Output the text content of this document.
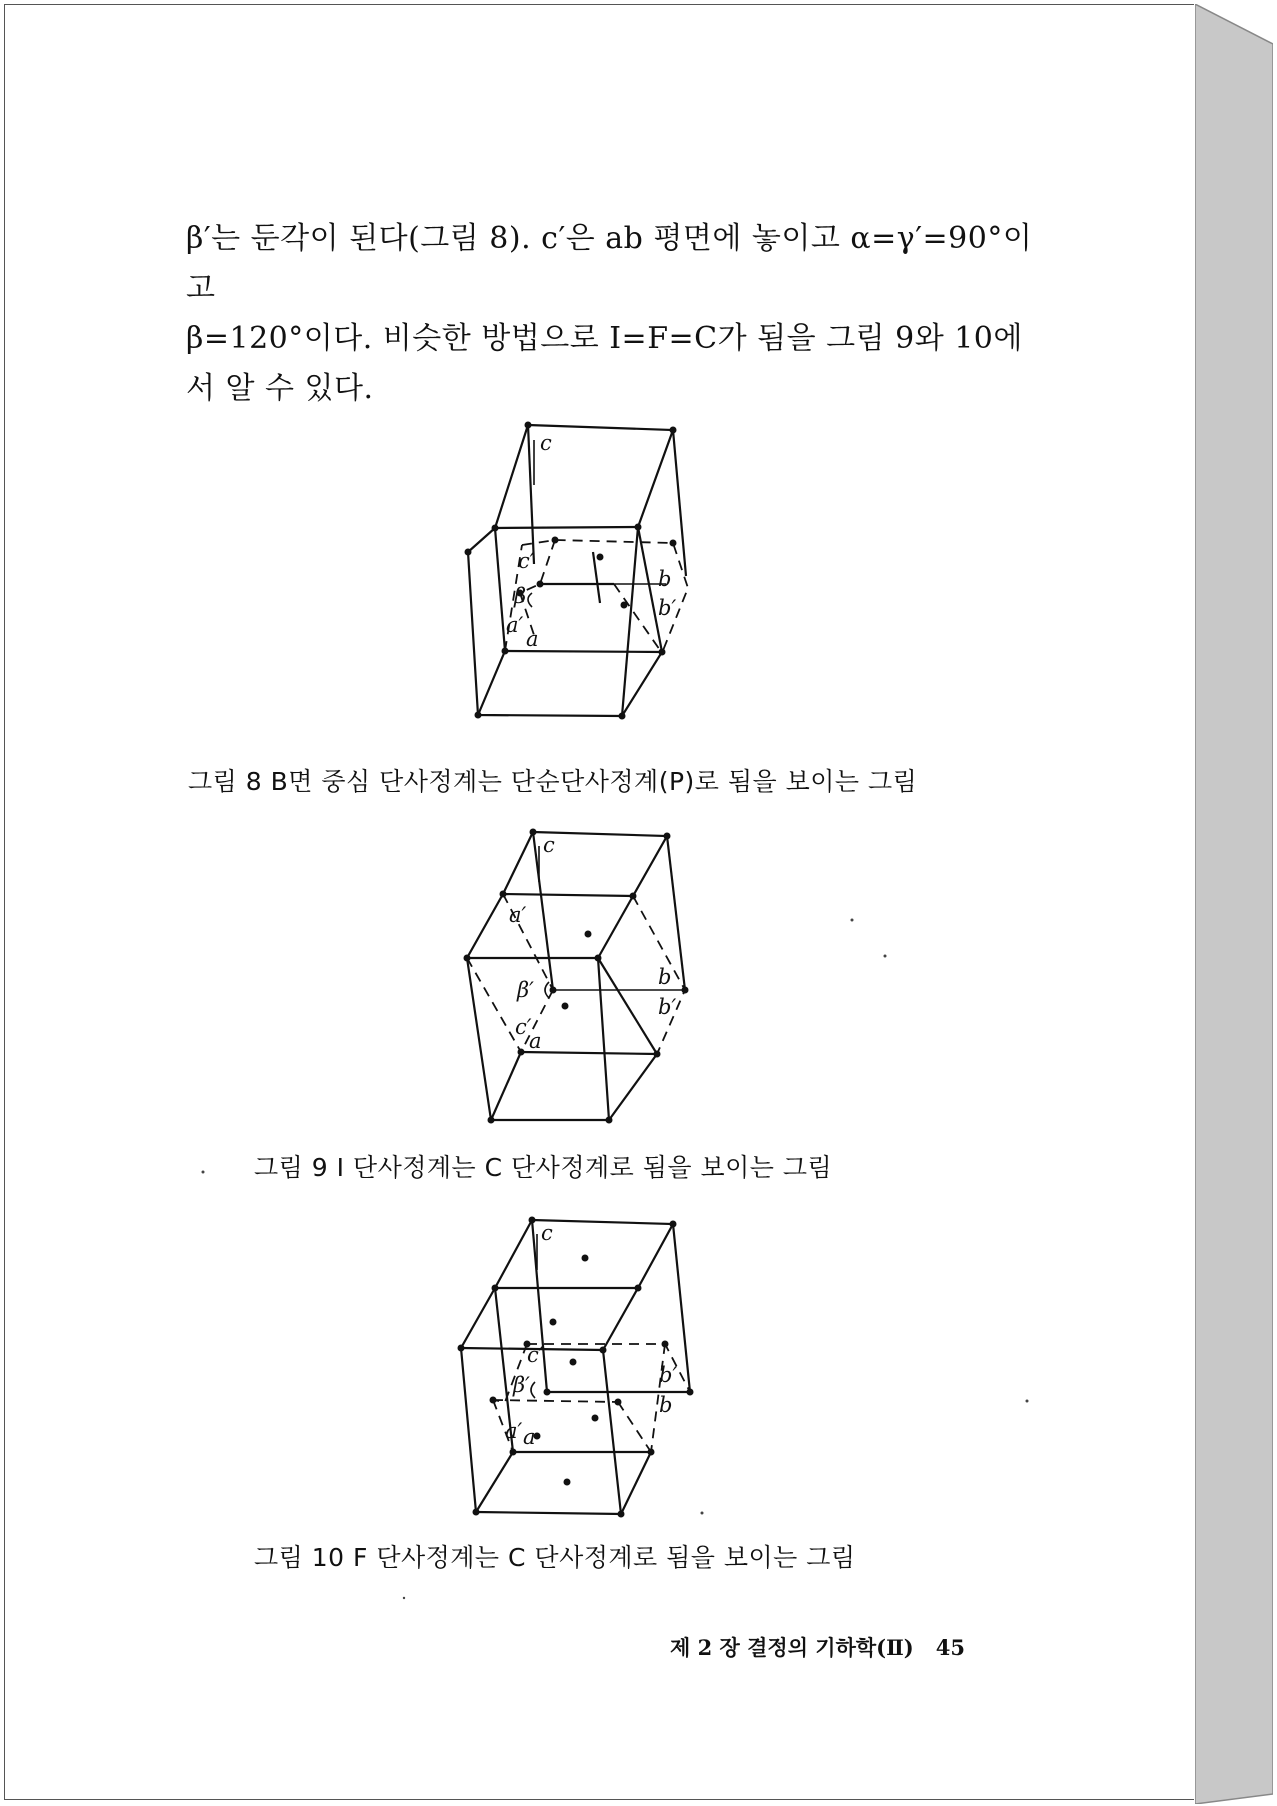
β′는 둔각이 된다(그림 8). c′은 ab 평면에 놓이고 α=γ′=90°이고
β=120°이다. 비슷한 방법으로 I=F=C가 됨을 그림 9와 10에
서 알 수 있다.
c
c′
β
b
b′
a′
a
그림 8 B면 중심 단사정계는 단순단사정계(P)로 됨을 보이는 그림
c
a′
β′
b
b′
c′
a
그림 9 I 단사정계는 C 단사정계로 됨을 보이는 그림
c
c′
β′	b′
b
a′ a
그림 10 F 단사정계는 C 단사정계로 됨을 보이는 그림
제 2 장 결정의 기하학(Ⅱ) 45
